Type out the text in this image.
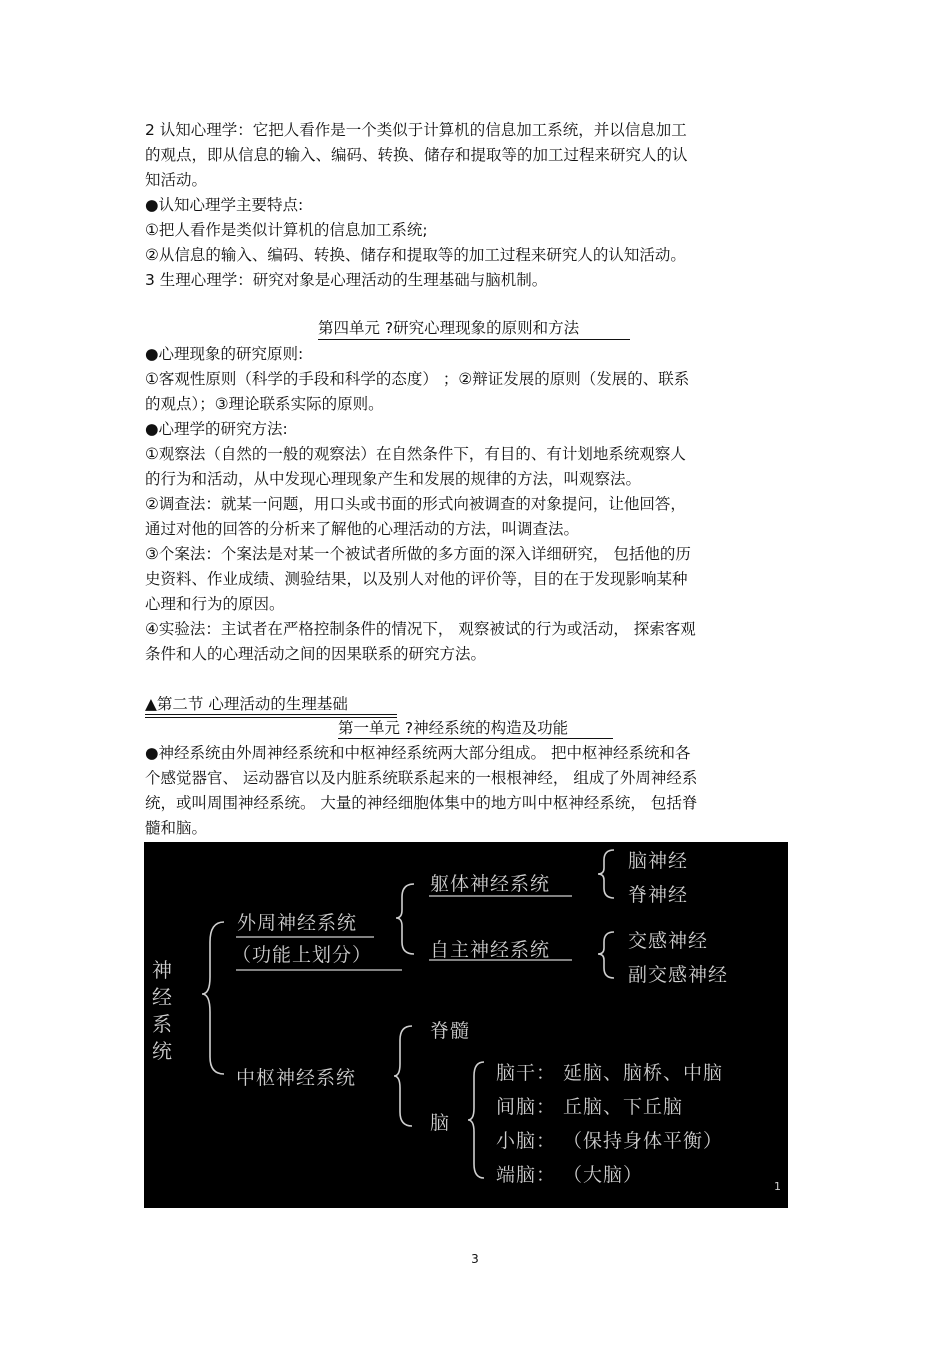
2 认知心理学：它把人看作是一个类似于计算机的信息加工系统，并以信息加工
的观点，即从信息的输入、编码、转换、储存和提取等的加工过程来研究人的认
知活动。
●认知心理学主要特点:
①把人看作是类似计算机的信息加工系统;
②从信息的输入、编码、转换、储存和提取等的加工过程来研究人的认知活动。
3 生理心理学：研究对象是心理活动的生理基础与脑机制。
第四单元 ?研究心理现象的原则和方法
●心理现象的研究原则:
①客观性原则（科学的手段和科学的态度） ；②辩证发展的原则（发展的、联系
的观点）；③理论联系实际的原则。
●心理学的研究方法:
①观察法（自然的一般的观察法）在自然条件下，有目的、有计划地系统观察人
的行为和活动，从中发现心理现象产生和发展的规律的方法，叫观察法。
②调查法：就某一问题，用口头或书面的形式向被调查的对象提问，让他回答，
通过对他的回答的分析来了解他的心理活动的方法，叫调查法。
③个案法：个案法是对某一个被试者所做的多方面的深入详细研究， 包括他的历
史资料、作业成绩、测验结果，以及别人对他的评价等，目的在于发现影响某种
心理和行为的原因。
④实验法：主试者在严格控制条件的情况下， 观察被试的行为或活动， 探索客观
条件和人的心理活动之间的因果联系的研究方法。
▲第二节 心理活动的生理基础
第一单元 ?神经系统的构造及功能
●神经系统由外周神经系统和中枢神经系统两大部分组成。 把中枢神经系统和各
个感觉器官、 运动器官以及内脏系统联系起来的一根根神经， 组成了外周神经系
统，或叫周围神经系统。 大量的神经细胞体集中的地方叫中枢神经系统， 包括脊
髓和脑。
神经系统
外周神经系统
（功能上划分）
躯体神经系统
脑神经
脊神经
自主神经系统	交感神经
副交感神经
中枢神经系统
脊髓
脑
脑干： 延脑、脑桥、中脑
间脑： 丘脑、下丘脑
小脑： （保持身体平衡）
端脑： （大脑）
1
3
